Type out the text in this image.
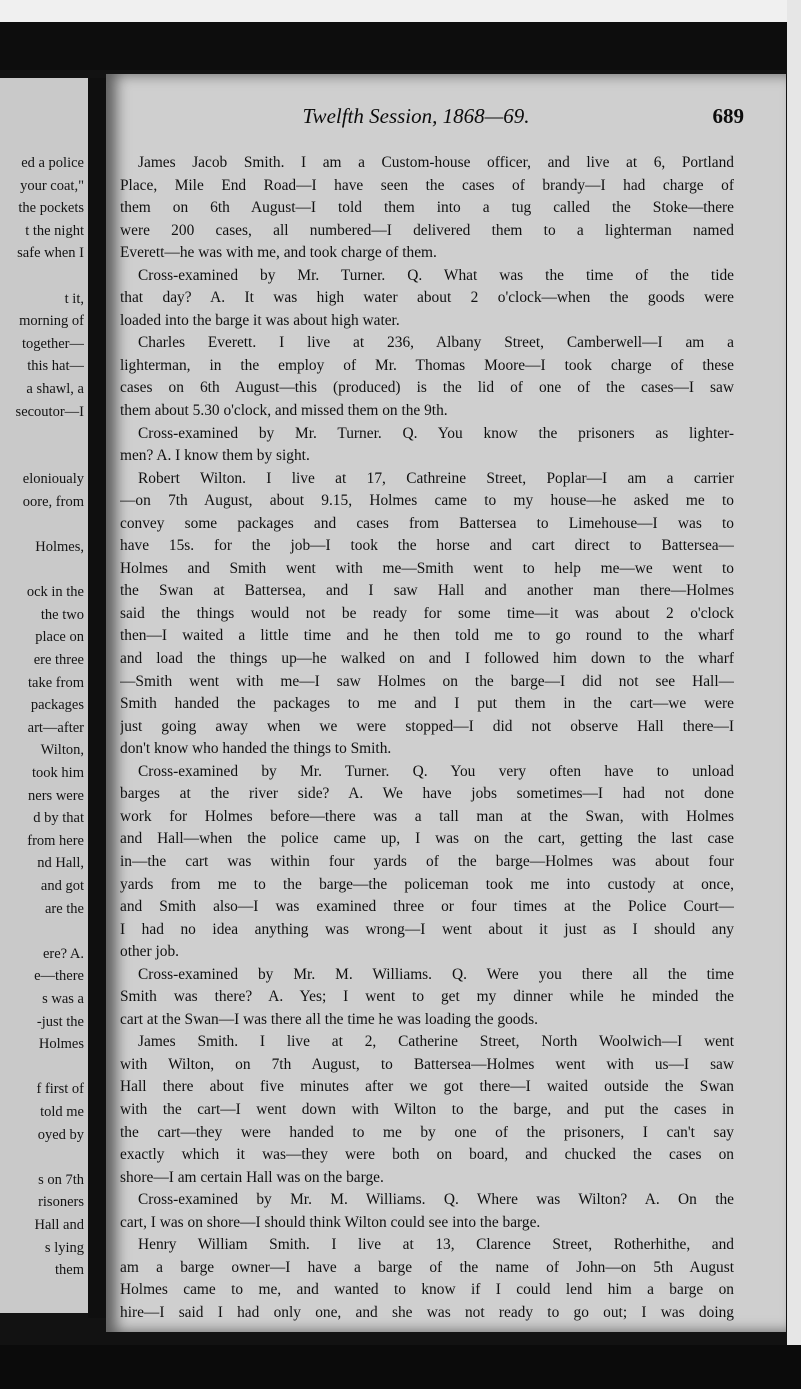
ed a police
your coat,"
the pockets
t the night
safe when I
t it,
morning of
together—
this hat—
a shawl, a
secoutor—I
elonioualy
oore, from
Holmes,
ock in the
the two
place on
ere three
take from
packages
art—after
Wilton,
took him
ners were
d by that
from here
nd Hall,
and got
are the
ere? A.
e—there
s was a
-just the
Holmes
f first of
told me
oyed by
s on 7th
risoners
Hall and
s lying
them
Twelfth Session, 1868—69.	689
James Jacob Smith. I am a Custom-house officer, and live at 6, Portland
Place, Mile End Road—I have seen the cases of brandy—I had charge of
them on 6th August—I told them into a tug called the Stoke—there
were 200 cases, all numbered—I delivered them to a lighterman named
Everett—he was with me, and took charge of them.
Cross-examined by Mr. Turner. Q. What was the time of the tide
that day? A. It was high water about 2 o'clock—when the goods were
loaded into the barge it was about high water.
Charles Everett. I live at 236, Albany Street, Camberwell—I am a
lighterman, in the employ of Mr. Thomas Moore—I took charge of these
cases on 6th August—this (produced) is the lid of one of the cases—I saw
them about 5.30 o'clock, and missed them on the 9th.
Cross-examined by Mr. Turner. Q. You know the prisoners as lighter-
men? A. I know them by sight.
Robert Wilton. I live at 17, Cathreine Street, Poplar—I am a carrier
—on 7th August, about 9.15, Holmes came to my house—he asked me to
convey some packages and cases from Battersea to Limehouse—I was to
have 15s. for the job—I took the horse and cart direct to Battersea—
Holmes and Smith went with me—Smith went to help me—we went to
the Swan at Battersea, and I saw Hall and another man there—Holmes
said the things would not be ready for some time—it was about 2 o'clock
then—I waited a little time and he then told me to go round to the wharf
and load the things up—he walked on and I followed him down to the wharf
—Smith went with me—I saw Holmes on the barge—I did not see Hall—
Smith handed the packages to me and I put them in the cart—we were
just going away when we were stopped—I did not observe Hall there—I
don't know who handed the things to Smith.
Cross-examined by Mr. Turner. Q. You very often have to unload
barges at the river side? A. We have jobs sometimes—I had not done
work for Holmes before—there was a tall man at the Swan, with Holmes
and Hall—when the police came up, I was on the cart, getting the last case
in—the cart was within four yards of the barge—Holmes was about four
yards from me to the barge—the policeman took me into custody at once,
and Smith also—I was examined three or four times at the Police Court—
I had no idea anything was wrong—I went about it just as I should any
other job.
Cross-examined by Mr. M. Williams. Q. Were you there all the time
Smith was there? A. Yes; I went to get my dinner while he minded the
cart at the Swan—I was there all the time he was loading the goods.
James Smith. I live at 2, Catherine Street, North Woolwich—I went
with Wilton, on 7th August, to Battersea—Holmes went with us—I saw
Hall there about five minutes after we got there—I waited outside the Swan
with the cart—I went down with Wilton to the barge, and put the cases in
the cart—they were handed to me by one of the prisoners, I can't say
exactly which it was—they were both on board, and chucked the cases on
shore—I am certain Hall was on the barge.
Cross-examined by Mr. M. Williams. Q. Where was Wilton? A. On the
cart, I was on shore—I should think Wilton could see into the barge.
Henry William Smith. I live at 13, Clarence Street, Rotherhithe, and
am a barge owner—I have a barge of the name of John—on 5th August
Holmes came to me, and wanted to know if I could lend him a barge on
hire—I said I had only one, and she was not ready to go out; I was doing
